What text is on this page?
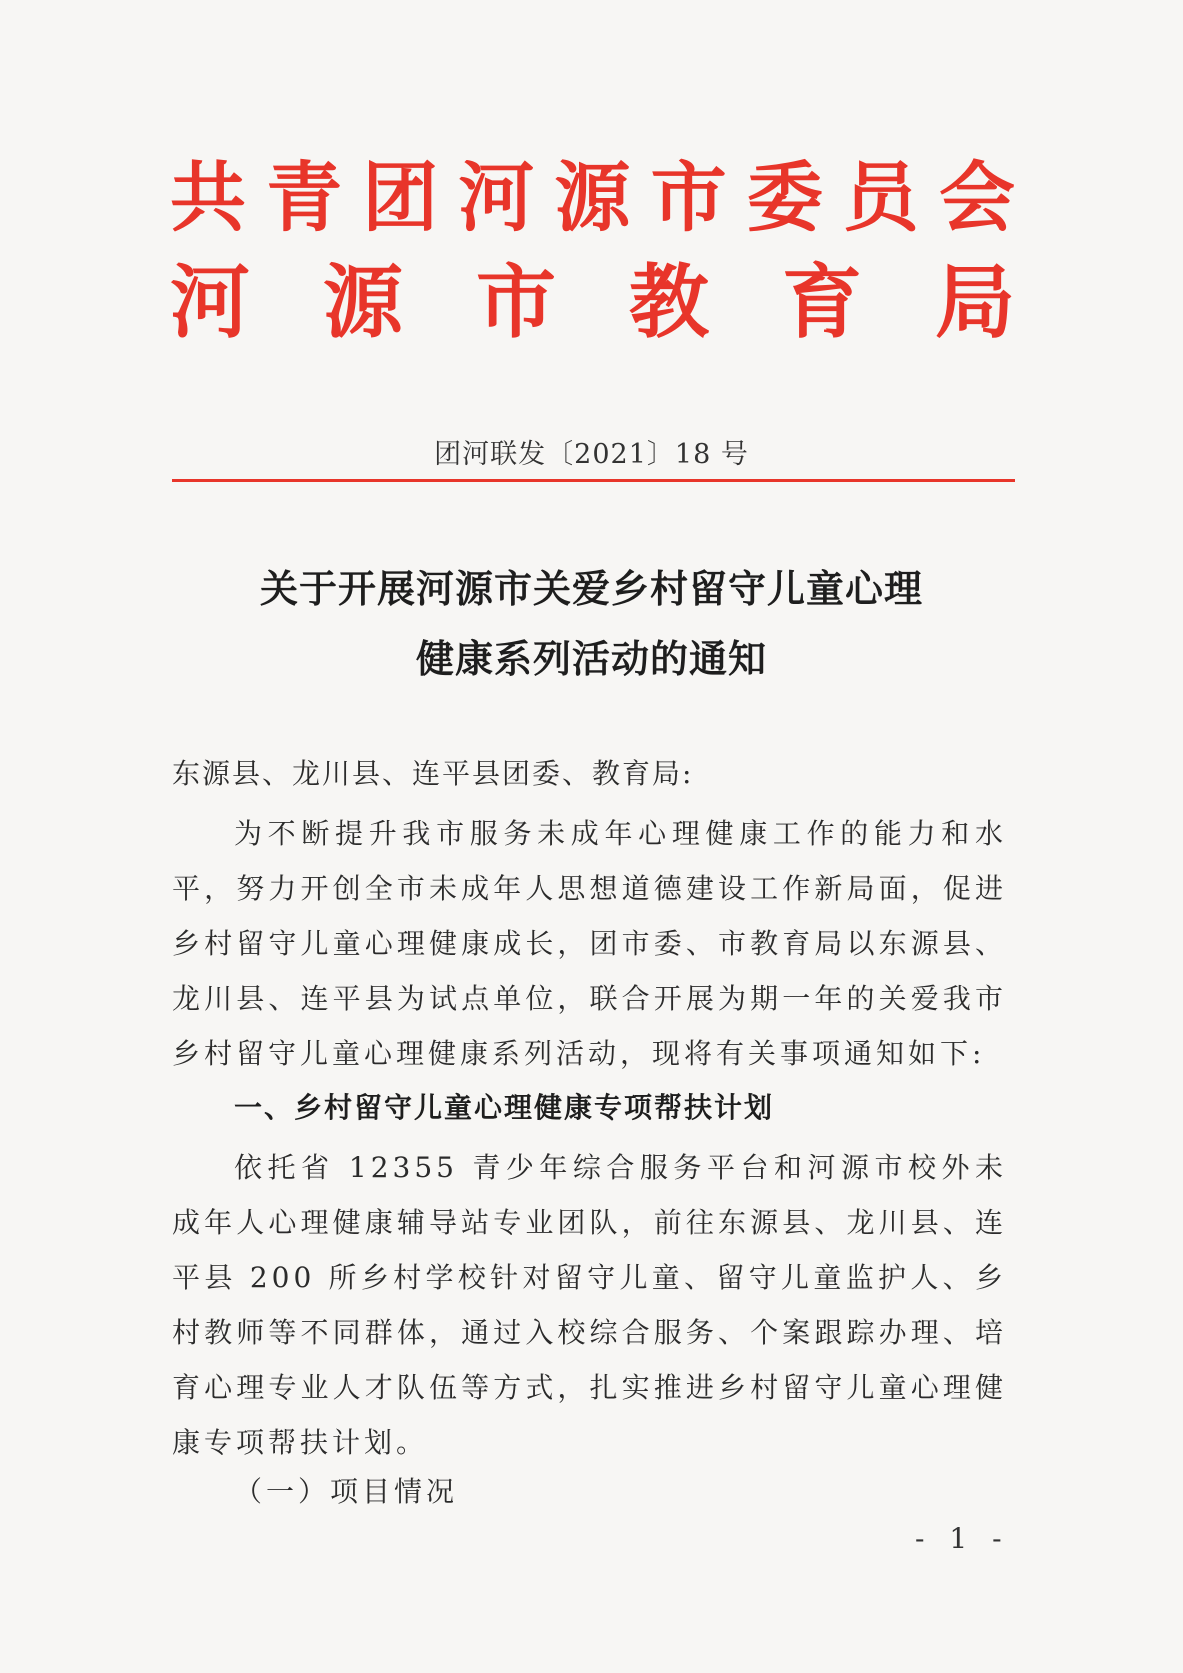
共 青 团 河 源 市 委 员 会
河 源 市 教 育 局
团河联发〔2021〕18 号
关于开展河源市关爱乡村留守儿童心理
健康系列活动的通知
东源县、龙川县、连平县团委、教育局:
为不断提升我市服务未成年心理健康工作的能力和水平，努力开创全市未成年人思想道德建设工作新局面，促进乡村留守儿童心理健康成长，团市委、市教育局以东源县、龙川县、连平县为试点单位，联合开展为期一年的关爱我市乡村留守儿童心理健康系列活动，现将有关事项通知如下:
一、乡村留守儿童心理健康专项帮扶计划
依托省 12355 青少年综合服务平台和河源市校外未成年人心理健康辅导站专业团队，前往东源县、龙川县、连平县 200 所乡村学校针对留守儿童、留守儿童监护人、乡村教师等不同群体，通过入校综合服务、个案跟踪办理、培育心理专业人才队伍等方式，扎实推进乡村留守儿童心理健康专项帮扶计划。
（一）项目情况
- 1 -
